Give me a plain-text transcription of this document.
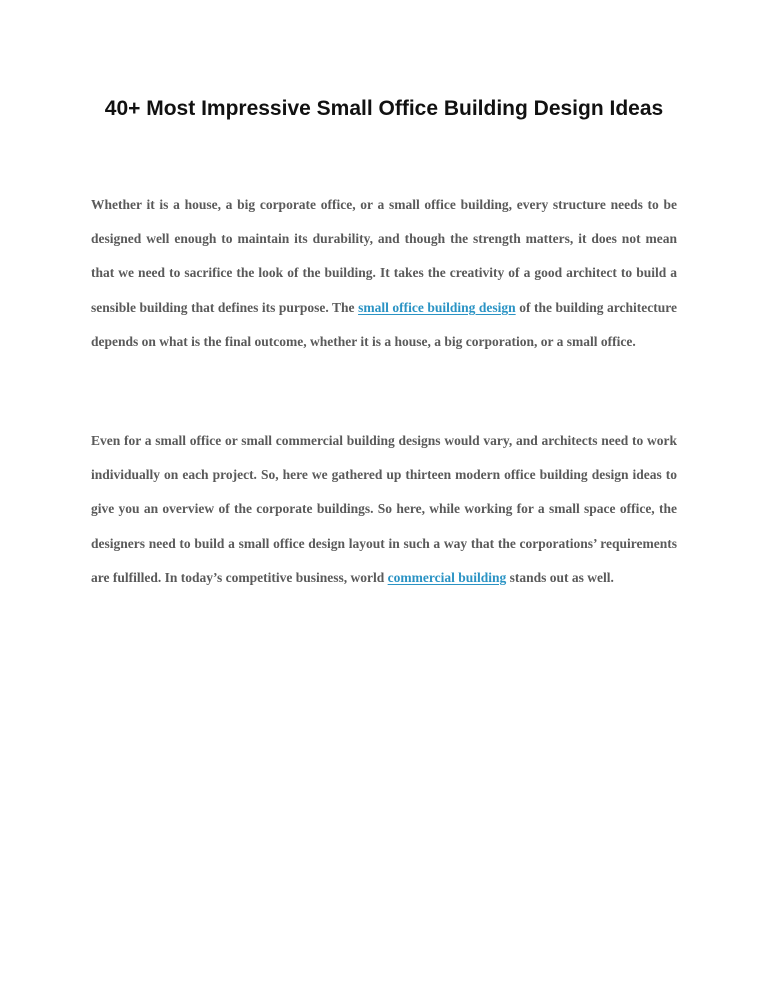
40+ Most Impressive Small Office Building Design Ideas

Whether it is a house, a big corporate office, or a small office building, every structure needs to be designed well enough to maintain its durability, and though the strength matters, it does not mean that we need to sacrifice the look of the building. It takes the creativity of a good architect to build a sensible building that defines its purpose. The small office building design of the building architecture depends on what is the final outcome, whether it is a house, a big corporation, or a small office.

Even for a small office or small commercial building designs would vary, and architects need to work individually on each project. So, here we gathered up thirteen modern office building design ideas to give you an overview of the corporate buildings. So here, while working for a small space office, the designers need to build a small office design layout in such a way that the corporations’ requirements are fulfilled. In today’s competitive business, world commercial building stands out as well.
